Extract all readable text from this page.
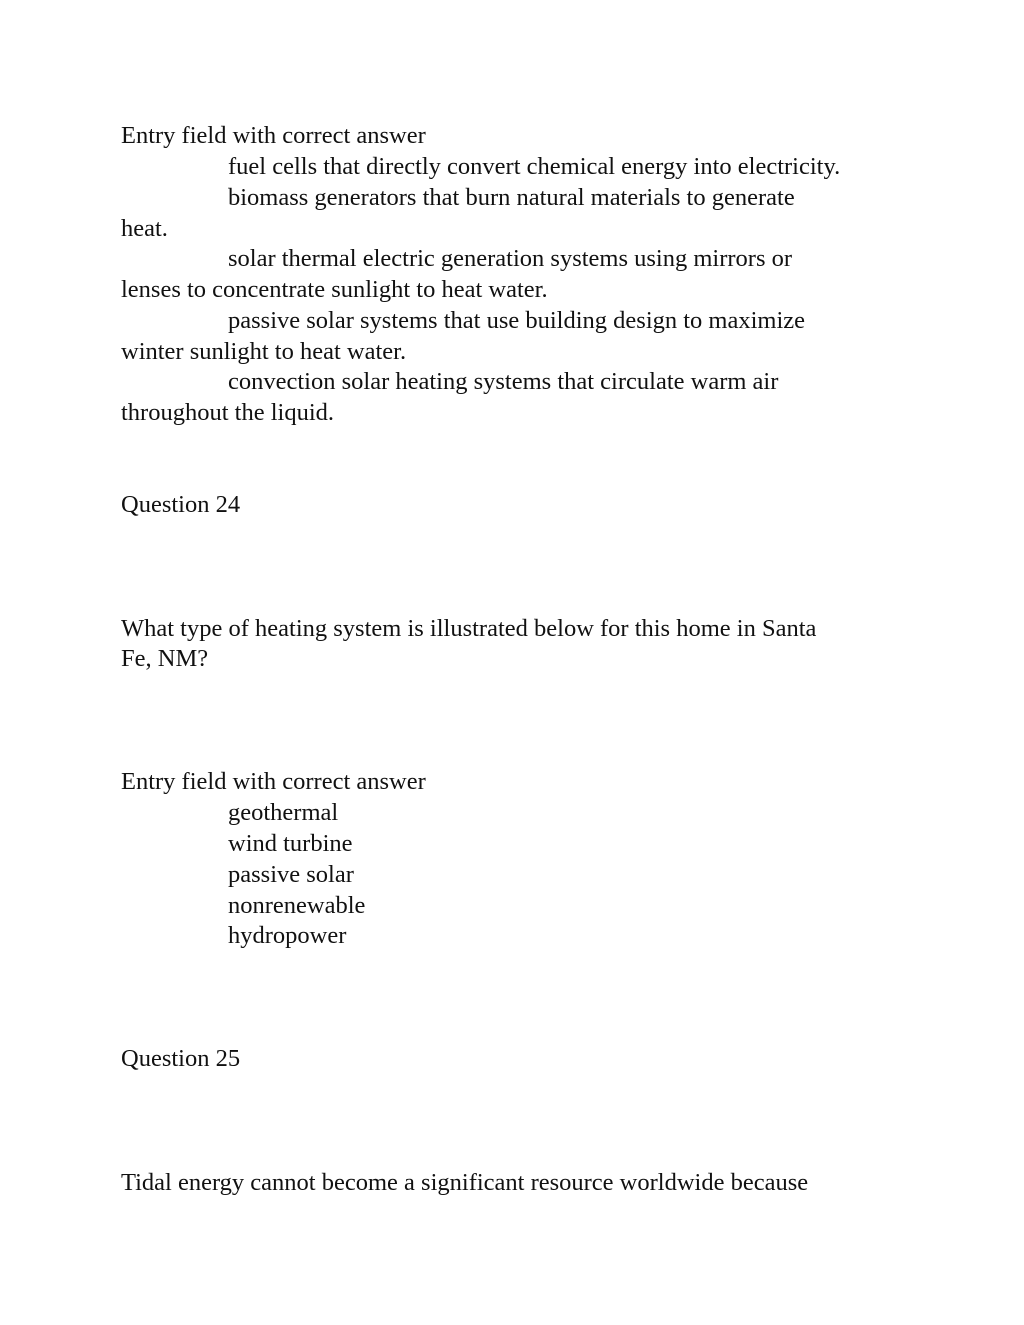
Entry field with correct answer
fuel cells that directly convert chemical energy into electricity.
biomass generators that burn natural materials to generate
heat.
solar thermal electric generation systems using mirrors or
lenses to concentrate sunlight to heat water.
passive solar systems that use building design to maximize
winter sunlight to heat water.
convection solar heating systems that circulate warm air
throughout the liquid.
Question 24
What type of heating system is illustrated below for this home in Santa
Fe, NM?
Entry field with correct answer
geothermal
wind turbine
passive solar
nonrenewable
hydropower
Question 25
Tidal energy cannot become a significant resource worldwide because
